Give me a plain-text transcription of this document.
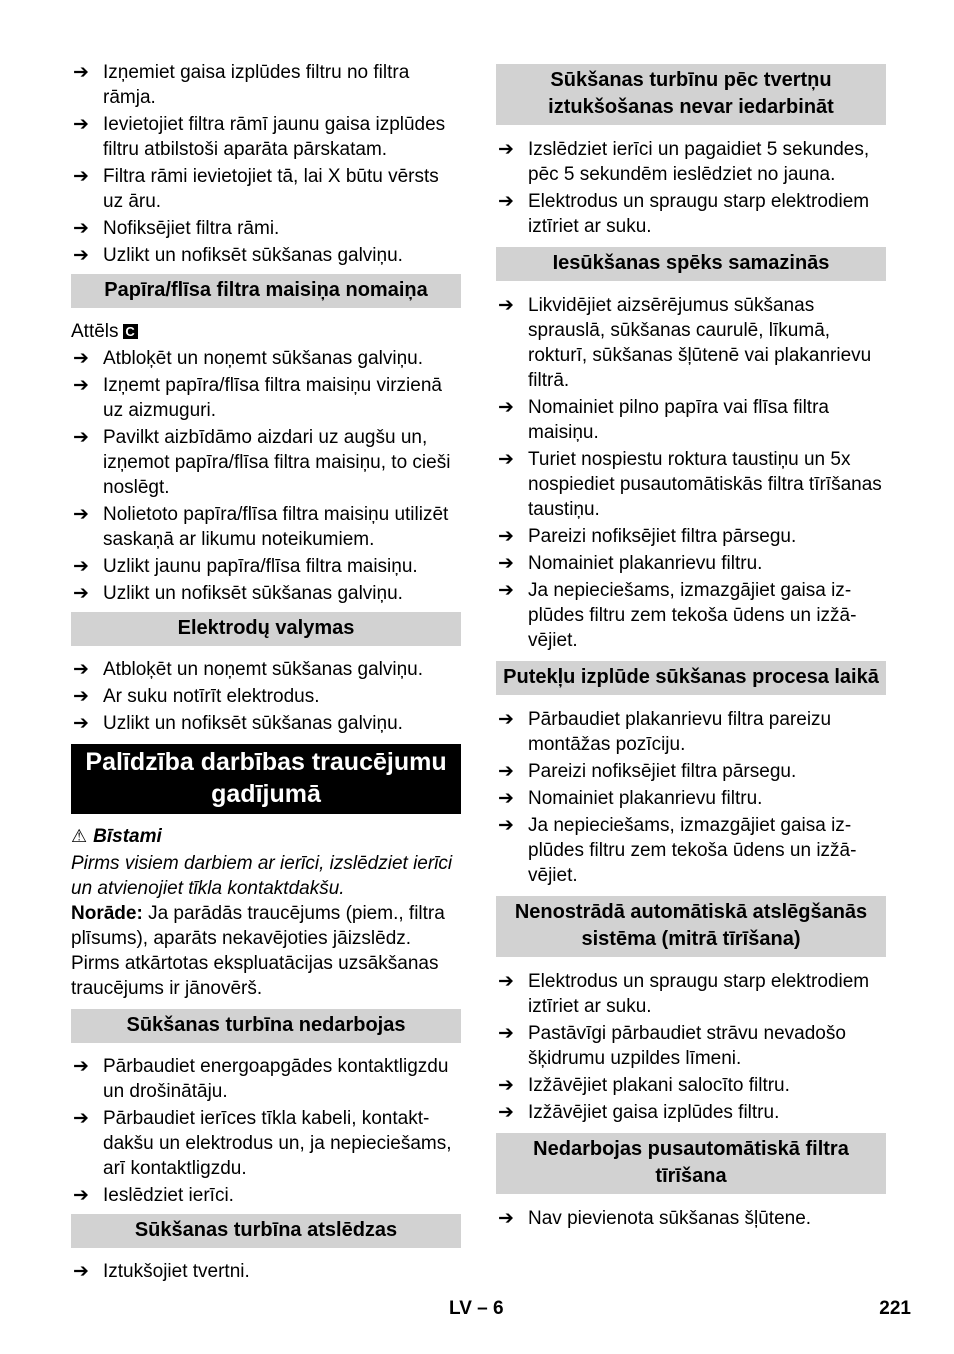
➔ Izņemiet gaisa izplūdes filtru no filtra rāmja.
➔ Ievietojiet filtra rāmī jaunu gaisa izplūdes filtru atbilstoši aparāta pārskatam.
➔ Filtra rāmi ievietojiet tā, lai X būtu vērsts uz āru.
➔ Nofiksējiet filtra rāmi.
➔ Uzlikt un nofiksēt sūkšanas galviņu.
Papīra/flīsa filtra maisiņa nomaiņa
Attēls C
➔ Atbloķēt un noņemt sūkšanas galviņu.
➔ Izņemt papīra/flīsa filtra maisiņu virzienā uz aizmuguri.
➔ Pavilkt aizbīdāmo aizdari uz augšu un, izņemot papīra/flīsa filtra maisiņu, to cieši noslēgt.
➔ Nolietoto papīra/flīsa filtra maisiņu utilizēt saskaņā ar likumu noteikumiem.
➔ Uzlikt jaunu papīra/flīsa filtra maisiņu.
➔ Uzlikt un nofiksēt sūkšanas galviņu.
Elektrodų valymas
➔ Atbloķēt un noņemt sūkšanas galviņu.
➔ Ar suku notīrīt elektrodus.
➔ Uzlikt un nofiksēt sūkšanas galviņu.
Palīdzība darbības traucējumu gadījumā
⚠ Bīstami
Pirms visiem darbiem ar ierīci, izslēdziet ierīci un atvienojiet tīkla kontaktdakšu.
Norāde: Ja parādās traucējums (piem., filtra plīsums), aparāts nekavējoties jāizslēdz. Pirms atkārtotas ekspluatācijas uzsākšanas traucējums ir jānovērš.
Sūkšanas turbīna nedarbojas
➔ Pārbaudiet energoapgādes kontaktligzdu un drošinātāju.
➔ Pārbaudiet ierīces tīkla kabeli, kontaktdakšu un elektrodus un, ja nepieciešams, arī kontaktligzdu.
➔ Ieslēdziet ierīci.
Sūkšanas turbīna atslēdzas
➔ Iztukšojiet tvertni.
Sūkšanas turbīnu pēc tvertņu iztukšošanas nevar iedarbināt
➔ Izslēdziet ierīci un pagaidiet 5 sekundes, pēc 5 sekundēm ieslēdziet no jauna.
➔ Elektrodus un spraugu starp elektrodiem iztīriet ar suku.
Iesūkšanas spēks samazinās
➔ Likvidējiet aizsērējumus sūkšanas sprauslā, sūkšanas caurulē, līkumā, rokturī, sūkšanas šļūtenē vai plakanrievu filtrā.
➔ Nomainiet pilno papīra vai flīsa filtra maisiņu.
➔ Turiet nospiestu roktura taustiņu un 5x nospiediet pusautomātiskās filtra tīrīšanas taustiņu.
➔ Pareizi nofiksējiet filtra pārsegu.
➔ Nomainiet plakanrievu filtru.
➔ Ja nepieciešams, izmazgājiet gaisa izplūdes filtru zem tekoša ūdens un izžāvējiet.
Putekļu izplūde sūkšanas procesa laikā
➔ Pārbaudiet plakanrievu filtra pareizu montāžas pozīciju.
➔ Pareizi nofiksējiet filtra pārsegu.
➔ Nomainiet plakanrievu filtru.
➔ Ja nepieciešams, izmazgājiet gaisa izplūdes filtru zem tekoša ūdens un izžāvējiet.
Nenostrādā automātiskā atslēgšanās sistēma (mitrā tīrīšana)
➔ Elektrodus un spraugu starp elektrodiem iztīriet ar suku.
➔ Pastāvīgi pārbaudiet strāvu nevadošo šķidrumu uzpildes līmeni.
➔ Izžāvējiet plakani salocīto filtru.
➔ Izžāvējiet gaisa izplūdes filtru.
Nedarbojas pusautomātiskā filtra tīrīšana
➔ Nav pievienota sūkšanas šļūtene.
LV – 6	221
